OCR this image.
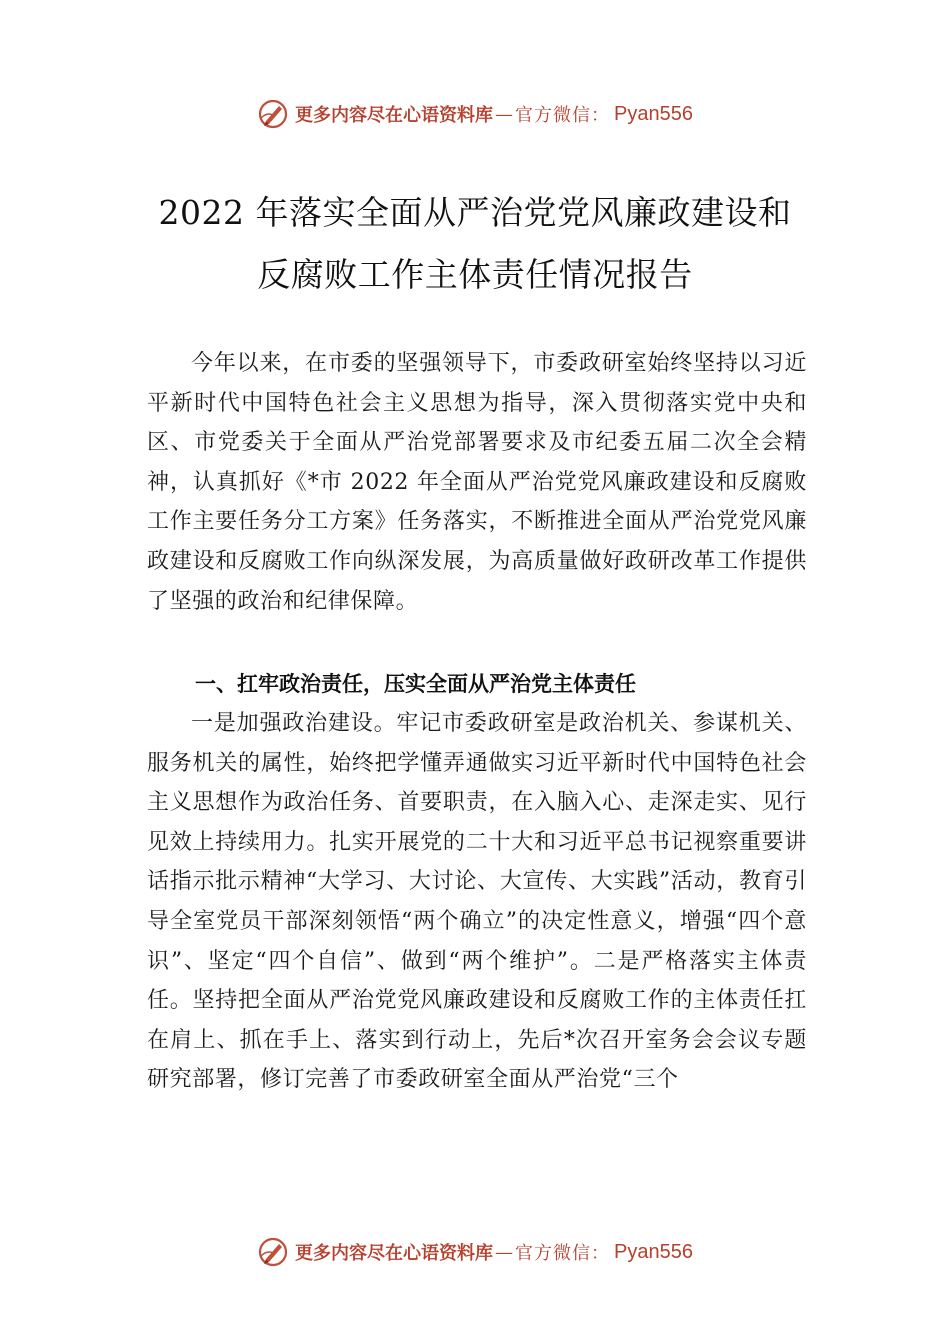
更多内容尽在心语资料库 — 官方微信： Pyan556
2022 年落实全面从严治党党风廉政建设和
反腐败工作主体责任情况报告
今年以来，在市委的坚强领导下，市委政研室始终坚持以习近平新时代中国特色社会主义思想为指导，深入贯彻落实党中央和区、市党委关于全面从严治党部署要求及市纪委五届二次全会精神，认真抓好《*市 2022 年全面从严治党党风廉政建设和反腐败工作主要任务分工方案》任务落实，不断推进全面从严治党党风廉政建设和反腐败工作向纵深发展，为高质量做好政研改革工作提供了坚强的政治和纪律保障。
一、扛牢政治责任，压实全面从严治党主体责任
一是加强政治建设。牢记市委政研室是政治机关、参谋机关、服务机关的属性，始终把学懂弄通做实习近平新时代中国特色社会主义思想作为政治任务、首要职责，在入脑入心、走深走实、见行见效上持续用力。扎实开展党的二十大和习近平总书记视察重要讲话指示批示精神“大学习、大讨论、大宣传、大实践”活动，教育引导全室党员干部深刻领悟“两个确立”的决定性意义，增强“四个意识”、坚定“四个自信”、做到“两个维护”。二是严格落实主体责任。坚持把全面从严治党党风廉政建设和反腐败工作的主体责任扛在肩上、抓在手上、落实到行动上，先后*次召开室务会会议专题研究部署，修订完善了市委政研室全面从严治党“三个
更多内容尽在心语资料库 — 官方微信： Pyan556
